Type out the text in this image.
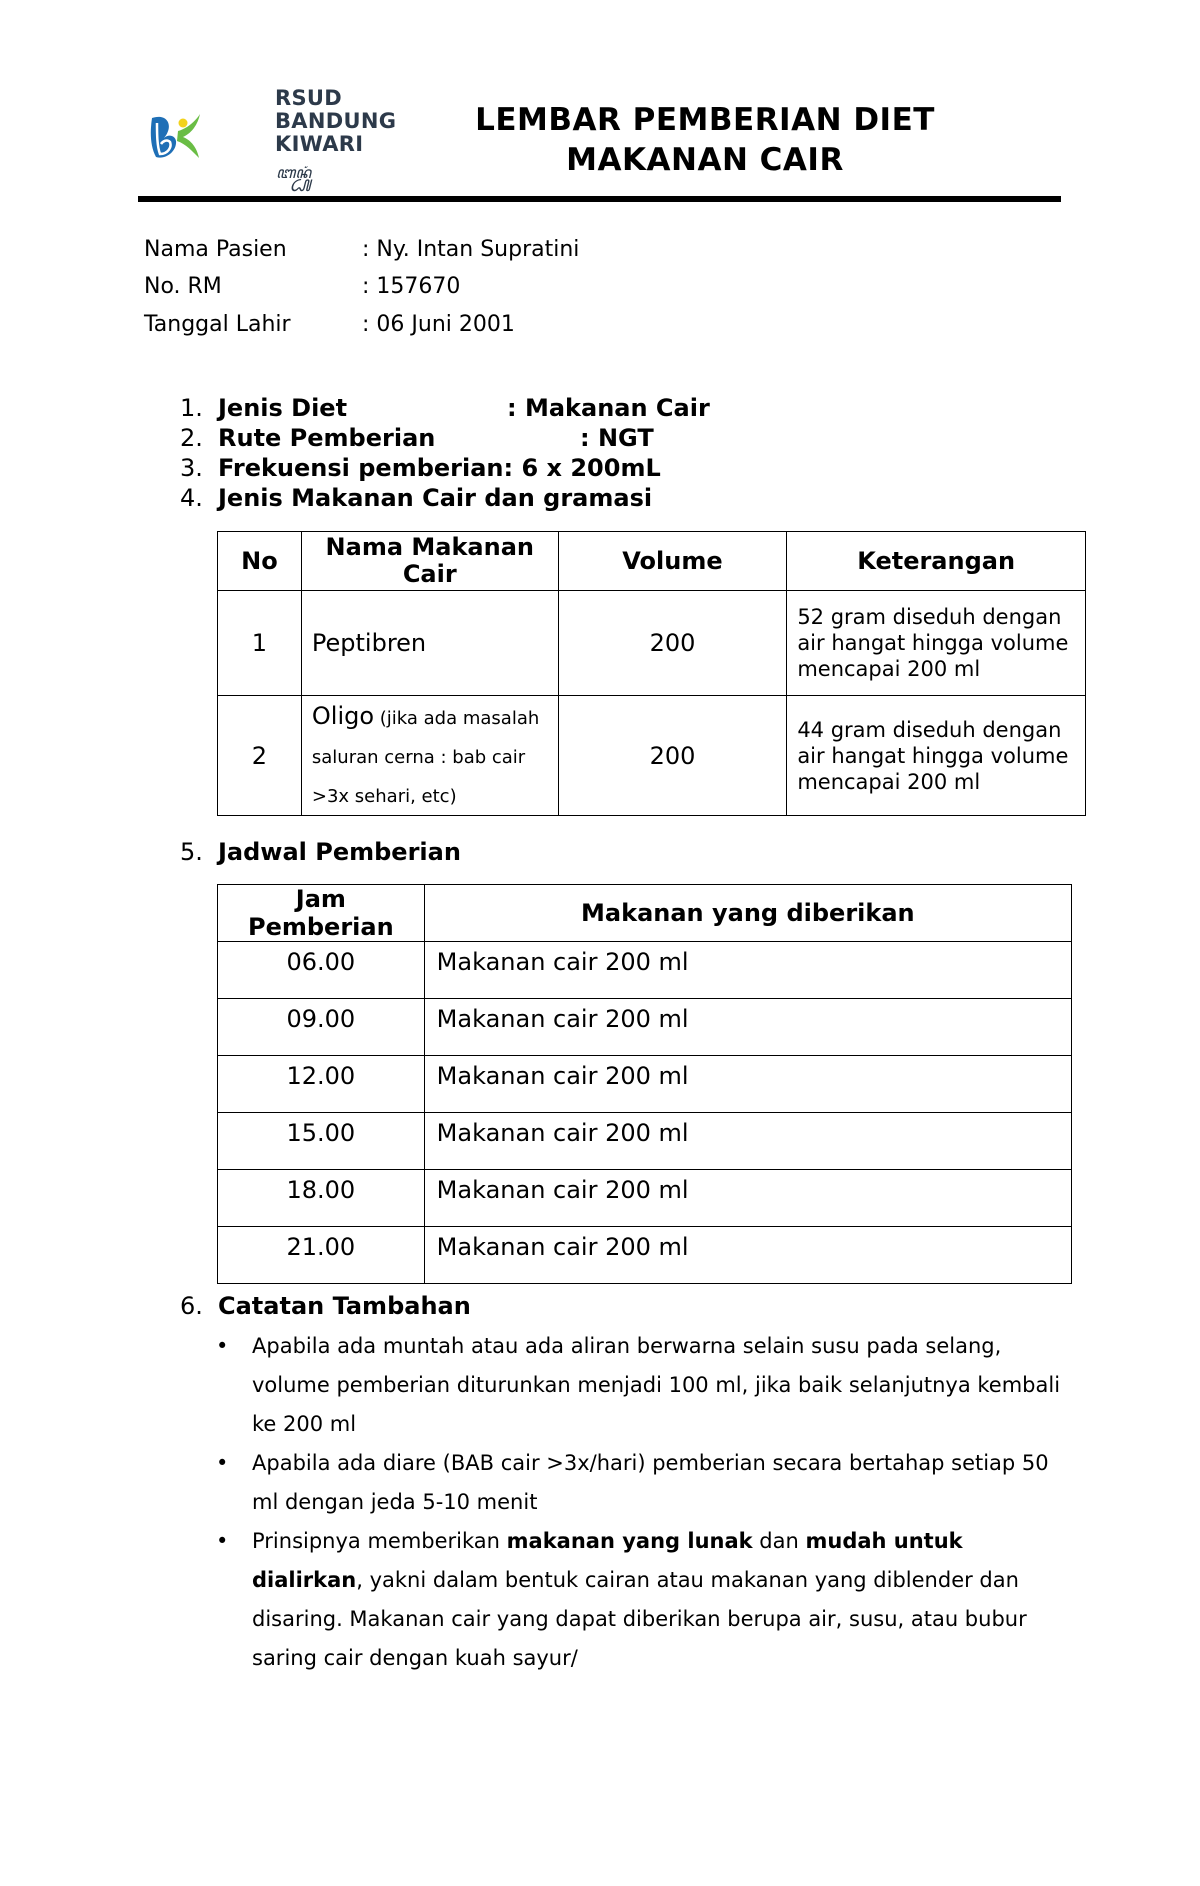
RSUD
BANDUNG
KIWARI
ꦧꦤ꧀ꦝꦸꦁ
LEMBAR PEMBERIAN DIET
MAKANAN CAIR
Nama Pasien	: Ny. Intan Supratini
No. RM	: 157670
Tanggal Lahir	: 06 Juni 2001
1. Jenis Diet	: Makanan Cair
2. Rute Pemberian	: NGT
3. Frekuensi pemberian: 6 x 200mL
4. Jenis Makanan Cair dan gramasi
No	Nama Makanan Cair	Volume	Keterangan
1	Peptibren	200	52 gram diseduh dengan air hangat hingga volume mencapai 200 ml
2	Oligo (jika ada masalah saluran cerna : bab cair >3x sehari, etc)	200	44 gram diseduh dengan air hangat hingga volume mencapai 200 ml
5. Jadwal Pemberian
Jam Pemberian	Makanan yang diberikan
06.00	Makanan cair 200 ml
09.00	Makanan cair 200 ml
12.00	Makanan cair 200 ml
15.00	Makanan cair 200 ml
18.00	Makanan cair 200 ml
21.00	Makanan cair 200 ml
6. Catatan Tambahan
• Apabila ada muntah atau ada aliran berwarna selain susu pada selang, volume pemberian diturunkan menjadi 100 ml, jika baik selanjutnya kembali ke 200 ml
• Apabila ada diare (BAB cair >3x/hari) pemberian secara bertahap setiap 50 ml dengan jeda 5-10 menit
• Prinsipnya memberikan makanan yang lunak dan mudah untuk dialirkan, yakni dalam bentuk cairan atau makanan yang diblender dan disaring. Makanan cair yang dapat diberikan berupa air, susu, atau bubur saring cair dengan kuah sayur/
